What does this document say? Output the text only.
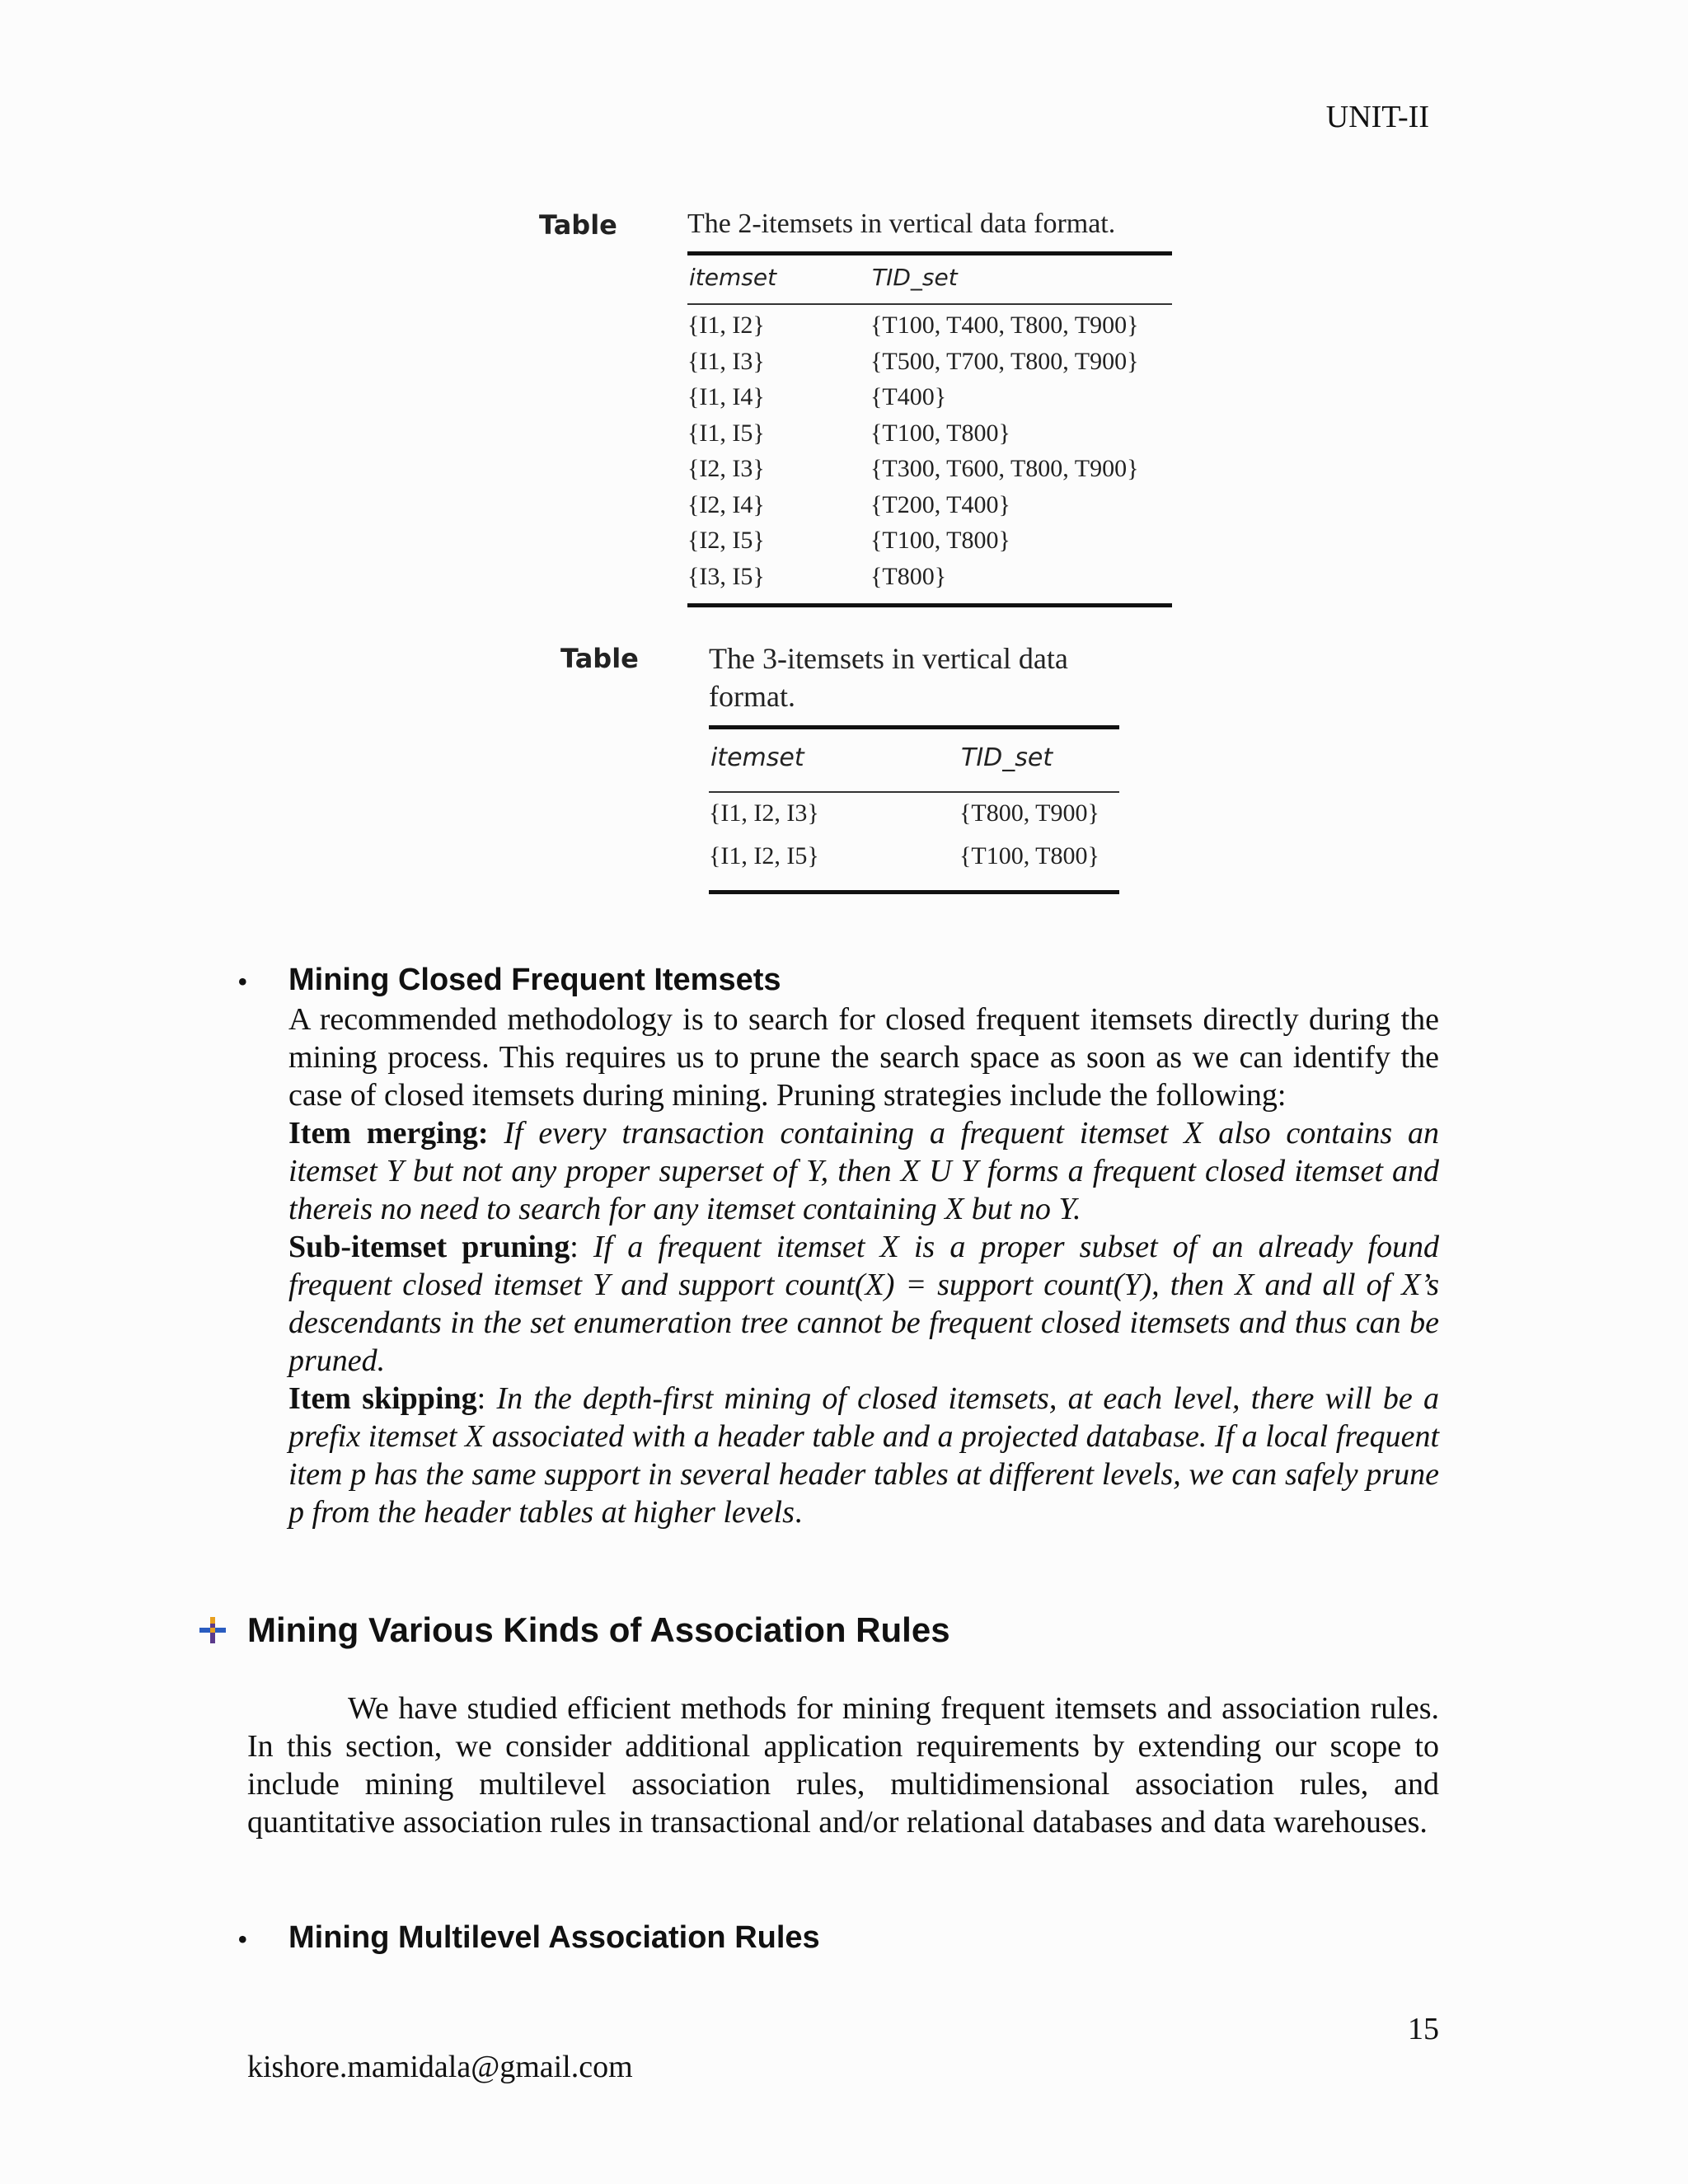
UNIT-II
Table	The 2-itemsets in vertical data format.
itemset	TID_set
{I1, I2}	{T100, T400, T800, T900}
{I1, I3}	{T500, T700, T800, T900}
{I1, I4}	{T400}
{I1, I5}	{T100, T800}
{I2, I3}	{T300, T600, T800, T900}
{I2, I4}	{T200, T400}
{I2, I5}	{T100, T800}
{I3, I5}	{T800}
Table The 3-itemsets in vertical data
format.
itemset	TID_set
{I1, I2, I3}	{T800, T900}
{I1, I2, I5}	{T100, T800}
• Mining Closed Frequent Itemsets

A recommended methodology is to search for closed frequent itemsets directly during the mining process. This requires us to prune the search space as soon as we can identify the case of closed itemsets during mining. Pruning strategies include the following:

Item merging: If every transaction containing a frequent itemset X also contains an itemset Y but not any proper superset of Y, then X U Y forms a frequent closed itemset and thereis no need to search for any itemset containing X but no Y.

Sub-itemset pruning: If a frequent itemset X is a proper subset of an already found frequent closed itemset Y and support count(X) = support count(Y), then X and all of X’s descendants in the set enumeration tree cannot be frequent closed itemsets and thus can be pruned.

Item skipping: In the depth-first mining of closed itemsets, at each level, there will be a prefix itemset X associated with a header table and a projected database. If a local frequent item p has the same support in several header tables at different levels, we can safely prune p from the header tables at higher levels.

Mining Various Kinds of Association Rules

We have studied efficient methods for mining frequent itemsets and association rules. In this section, we consider additional application requirements by extending our scope to include mining multilevel association rules, multidimensional association rules, and quantitative association rules in transactional and/or relational databases and data warehouses.

• Mining Multilevel Association Rules
15
kishore.mamidala@gmail.com
